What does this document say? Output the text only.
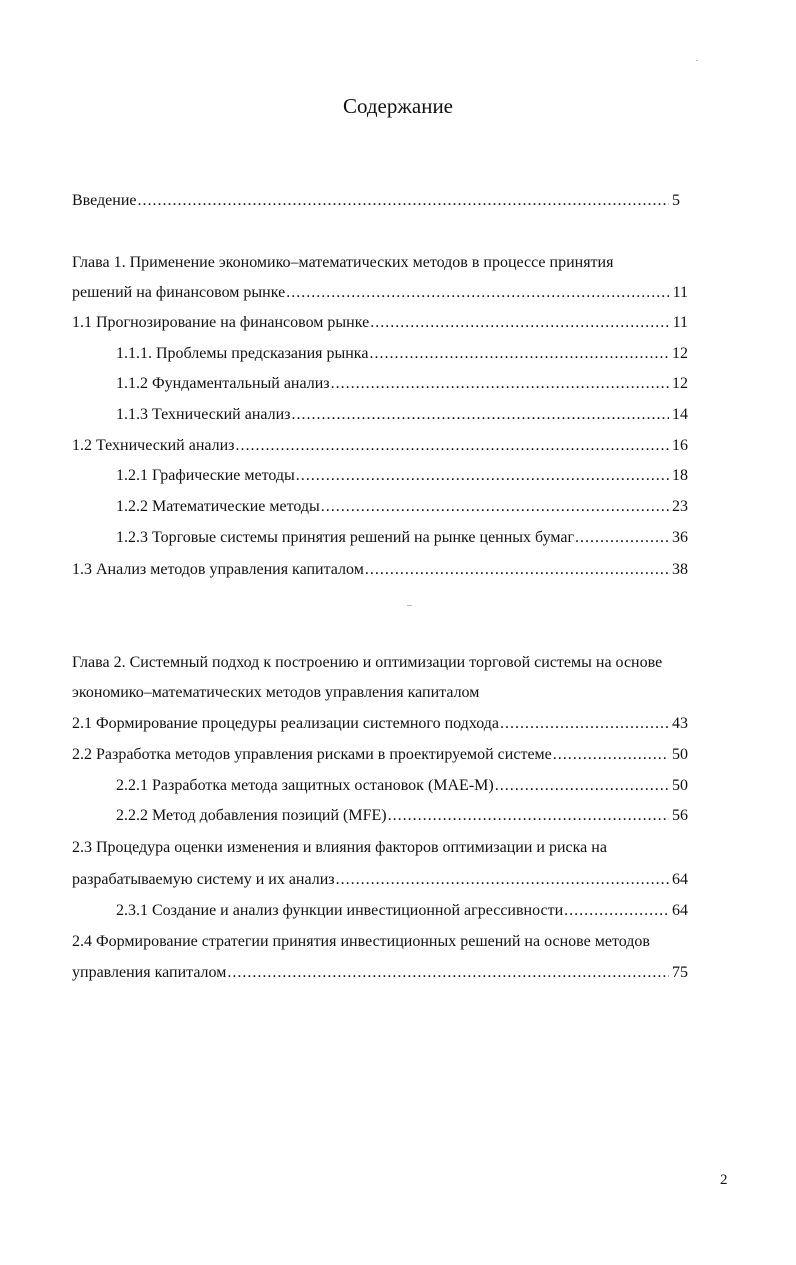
Содержание
Введение .....	5
Глава 1. Применение экономико–математических методов в процессе принятия
решений на финансовом рынке .....	11
1.1 Прогнозирование на финансовом рынке .....	11
1.1.1. Проблемы предсказания рынка .....	12
1.1.2 Фундаментальный анализ .....	12
1.1.3 Технический анализ .....	14
1.2 Технический анализ .....	16
1.2.1 Графические методы .....	18
1.2.2 Математические методы .....	23
1.2.3 Торговые системы принятия решений на рынке ценных бумаг .....	36
1.3 Анализ методов управления капиталом .....	38
Глава 2. Системный подход к построению и оптимизации торговой системы на основе
экономико–математических методов управления капиталом
2.1 Формирование процедуры реализации системного подхода .....	43
2.2 Разработка методов управления рисками в проектируемой системе .....	50
2.2.1 Разработка метода защитных остановок (МАЕ-М) .....	50
2.2.2 Метод добавления позиций (MFE) .....	56
2.3 Процедура оценки изменения и влияния факторов оптимизации и риска на
разрабатываемую систему и их анализ .....	64
2.3.1 Создание и анализ функции инвестиционной агрессивности .....	64
2.4 Формирование стратегии принятия инвестиционных решений на основе методов
управления капиталом .....	75
2
